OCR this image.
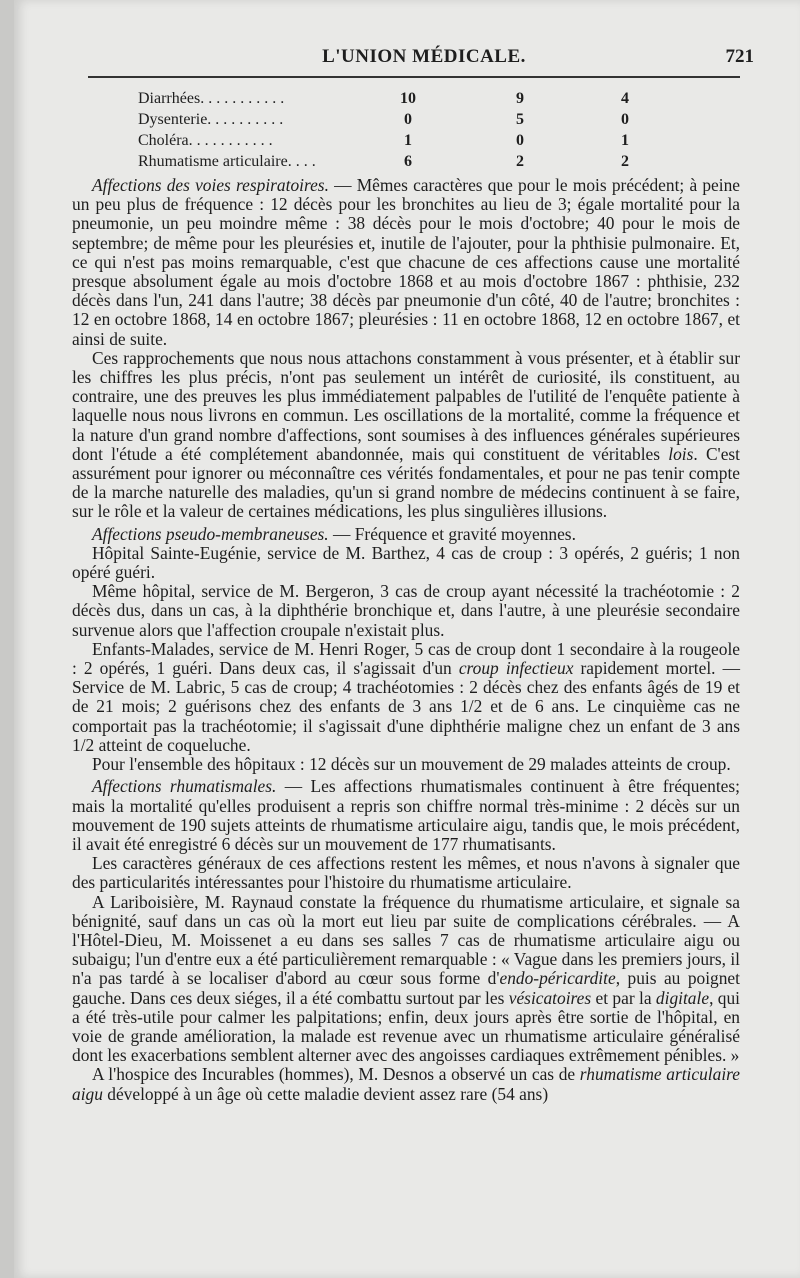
L'UNION MÉDICALE.	721
Diarrhées. . . . . . . . . . .	10	9	4
Dysenterie. . . . . . . . . .	0	5	0
Choléra. . . . . . . . . . .	1	0	1
Rhumatisme articulaire. . . .	6	2	2

Affections des voies respiratoires. — Mêmes caractères que pour le mois précédent; à peine un peu plus de fréquence : 12 décès pour les bronchites au lieu de 3; égale mortalité pour la pneumonie, un peu moindre même : 38 décès pour le mois d'octobre; 40 pour le mois de septembre; de même pour les pleurésies et, inutile de l'ajouter, pour la phthisie pulmonaire. Et, ce qui n'est pas moins remarquable, c'est que chacune de ces affections cause une mortalité presque absolument égale au mois d'octobre 1868 et au mois d'octobre 1867 : phthisie, 232 décès dans l'un, 241 dans l'autre; 38 décès par pneumonie d'un côté, 40 de l'autre; bronchites : 12 en octobre 1868, 14 en octobre 1867; pleurésies : 11 en octobre 1868, 12 en octobre 1867, et ainsi de suite.

Ces rapprochements que nous nous attachons constamment à vous présenter, et à établir sur les chiffres les plus précis, n'ont pas seulement un intérêt de curiosité, ils constituent, au contraire, une des preuves les plus immédiatement palpables de l'utilité de l'enquête patiente à laquelle nous nous livrons en commun. Les oscillations de la mortalité, comme la fréquence et la nature d'un grand nombre d'affections, sont soumises à des influences générales supérieures dont l'étude a été complétement abandonnée, mais qui constituent de véritables lois. C'est assurément pour ignorer ou méconnaître ces vérités fondamentales, et pour ne pas tenir compte de la marche naturelle des maladies, qu'un si grand nombre de médecins continuent à se faire, sur le rôle et la valeur de certaines médications, les plus singulières illusions.

Affections pseudo-membraneuses. — Fréquence et gravité moyennes.

Hôpital Sainte-Eugénie, service de M. Barthez, 4 cas de croup : 3 opérés, 2 guéris; 1 non opéré guéri.

Même hôpital, service de M. Bergeron, 3 cas de croup ayant nécessité la trachéotomie : 2 décès dus, dans un cas, à la diphthérie bronchique et, dans l'autre, à une pleurésie secondaire survenue alors que l'affection croupale n'existait plus.

Enfants-Malades, service de M. Henri Roger, 5 cas de croup dont 1 secondaire à la rougeole : 2 opérés, 1 guéri. Dans deux cas, il s'agissait d'un croup infectieux rapidement mortel. — Service de M. Labric, 5 cas de croup; 4 trachéotomies : 2 décès chez des enfants âgés de 19 et de 21 mois; 2 guérisons chez des enfants de 3 ans 1/2 et de 6 ans. Le cinquième cas ne comportait pas la trachéotomie; il s'agissait d'une diphthérie maligne chez un enfant de 3 ans 1/2 atteint de coqueluche.

Pour l'ensemble des hôpitaux : 12 décès sur un mouvement de 29 malades atteints de croup.

Affections rhumatismales. — Les affections rhumatismales continuent à être fréquentes; mais la mortalité qu'elles produisent a repris son chiffre normal très-minime : 2 décès sur un mouvement de 190 sujets atteints de rhumatisme articulaire aigu, tandis que, le mois précédent, il avait été enregistré 6 décès sur un mouvement de 177 rhumatisants.

Les caractères généraux de ces affections restent les mêmes, et nous n'avons à signaler que des particularités intéressantes pour l'histoire du rhumatisme articulaire.

A Lariboisière, M. Raynaud constate la fréquence du rhumatisme articulaire, et signale sa bénignité, sauf dans un cas où la mort eut lieu par suite de complications cérébrales. — A l'Hôtel-Dieu, M. Moissenet a eu dans ses salles 7 cas de rhumatisme articulaire aigu ou subaigu; l'un d'entre eux a été particulièrement remarquable : « Vague dans les premiers jours, il n'a pas tardé à se localiser d'abord au cœur sous forme d'endo-péricardite, puis au poignet gauche. Dans ces deux siéges, il a été combattu surtout par les vésicatoires et par la digitale, qui a été très-utile pour calmer les palpitations; enfin, deux jours après être sortie de l'hôpital, en voie de grande amélioration, la malade est revenue avec un rhumatisme articulaire généralisé dont les exacerbations semblent alterner avec des angoisses cardiaques extrêmement pénibles. »

A l'hospice des Incurables (hommes), M. Desnos a observé un cas de rhumatisme articulaire aigu développé à un âge où cette maladie devient assez rare (54 ans)
